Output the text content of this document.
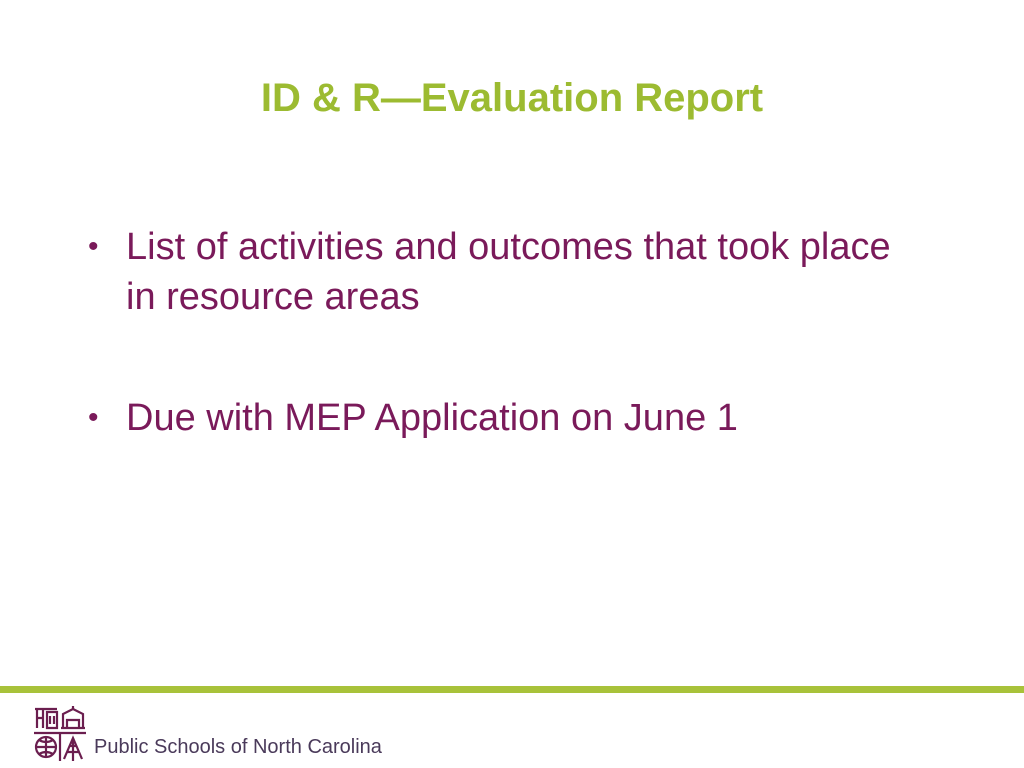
ID & R—Evaluation Report
• List of activities and outcomes that took place in resource areas
• Due with MEP Application on June 1
Public Schools of North Carolina
